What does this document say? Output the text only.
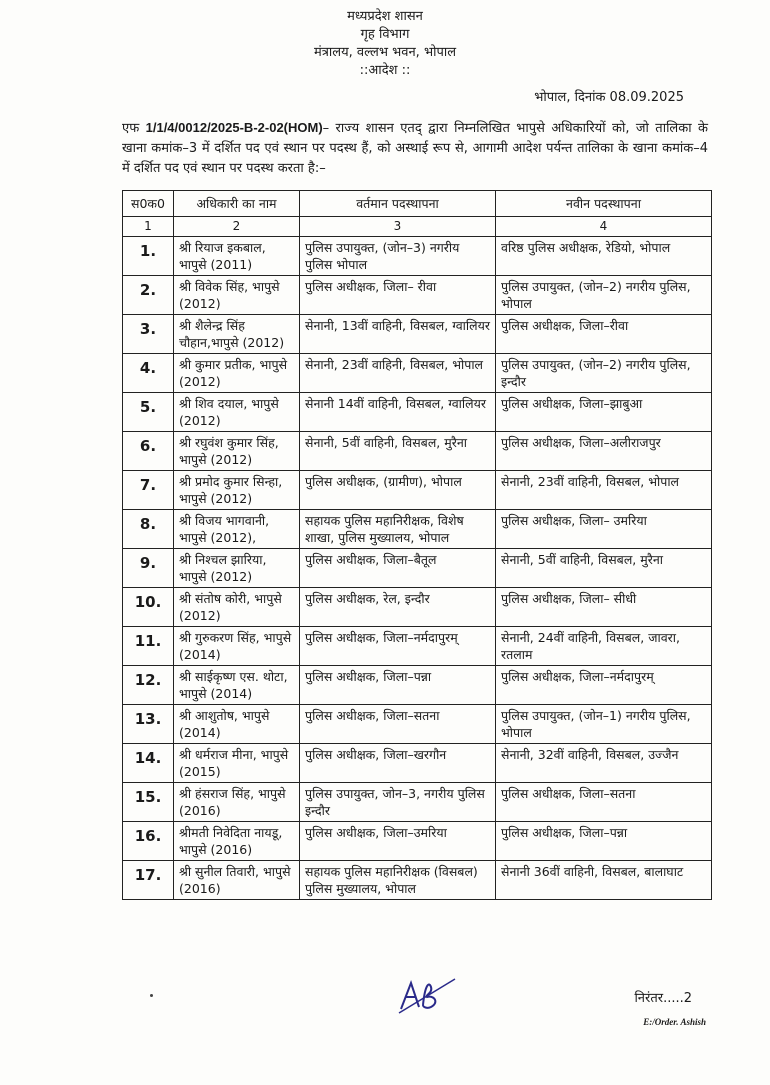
मध्यप्रदेश शासन
गृह विभाग
मंत्रालय, वल्लभ भवन, भोपाल
::आदेश ::
भोपाल, दिनांक 08.09.2025
एफ 1/1/4/0012/2025-B-2-02(HOM)– राज्य शासन एतद् द्वारा निम्नलिखित भापुसे अधिकारियों को, जो तालिका के खाना कमांक–3 में दर्शित पद एवं स्थान पर पदस्थ हैं, को अस्थाई रूप से, आगामी आदेश पर्यन्त तालिका के खाना कमांक–4 में दर्शित पद एवं स्थान पर पदस्थ करता है:–
स0क0	अधिकारी का नाम	वर्तमान पदस्थापना	नवीन पदस्थापना
1	2	3	4
1.	श्री रियाज इकबाल, भापुसे (2011)	पुलिस उपायुक्त, (जोन–3) नगरीय पुलिस भोपाल	वरिष्ठ पुलिस अधीक्षक, रेडियो, भोपाल
2.	श्री विवेक सिंह, भापुसे (2012)	पुलिस अधीक्षक, जिला– रीवा	पुलिस उपायुक्त, (जोन–2) नगरीय पुलिस, भोपाल
3.	श्री शैलेन्द्र सिंह चौहान,भापुसे (2012)	सेनानी, 13वीं वाहिनी, विसबल, ग्वालियर	पुलिस अधीक्षक, जिला–रीवा
4.	श्री कुमार प्रतीक, भापुसे (2012)	सेनानी, 23वीं वाहिनी, विसबल, भोपाल	पुलिस उपायुक्त, (जोन–2) नगरीय पुलिस, इन्दौर
5.	श्री शिव दयाल, भापुसे (2012)	सेनानी 14वीं वाहिनी, विसबल, ग्वालियर	पुलिस अधीक्षक, जिला–झाबुआ
6.	श्री रघुवंश कुमार सिंह, भापुसे (2012)	सेनानी, 5वीं वाहिनी, विसबल, मुरैना	पुलिस अधीक्षक, जिला–अलीराजपुर
7.	श्री प्रमोद कुमार सिन्हा, भापुसे (2012)	पुलिस अधीक्षक, (ग्रामीण), भोपाल	सेनानी, 23वीं वाहिनी, विसबल, भोपाल
8.	श्री विजय भागवानी, भापुसे (2012),	सहायक पुलिस महानिरीक्षक, विशेष शाखा, पुलिस मुख्यालय, भोपाल	पुलिस अधीक्षक, जिला– उमरिया
9.	श्री निश्चल झारिया, भापुसे (2012)	पुलिस अधीक्षक, जिला–बैतूल	सेनानी, 5वीं वाहिनी, विसबल, मुरैना
10.	श्री संतोष कोरी, भापुसे (2012)	पुलिस अधीक्षक, रेल, इन्दौर	पुलिस अधीक्षक, जिला– सीधी
11.	श्री गुरुकरण सिंह, भापुसे (2014)	पुलिस अधीक्षक, जिला–नर्मदापुरम्	सेनानी, 24वीं वाहिनी, विसबल, जावरा, रतलाम
12.	श्री साईकृष्ण एस. थोटा, भापुसे (2014)	पुलिस अधीक्षक, जिला–पन्ना	पुलिस अधीक्षक, जिला–नर्मदापुरम्
13.	श्री आशुतोष, भापुसे (2014)	पुलिस अधीक्षक, जिला–सतना	पुलिस उपायुक्त, (जोन–1) नगरीय पुलिस, भोपाल
14.	श्री धर्मराज मीना, भापुसे (2015)	पुलिस अधीक्षक, जिला–खरगौन	सेनानी, 32वीं वाहिनी, विसबल, उज्जैन
15.	श्री हंसराज सिंह, भापुसे (2016)	पुलिस उपायुक्त, जोन–3, नगरीय पुलिस इन्दौर	पुलिस अधीक्षक, जिला–सतना
16.	श्रीमती निवेदिता नायडू, भापुसे (2016)	पुलिस अधीक्षक, जिला–उमरिया	पुलिस अधीक्षक, जिला–पन्ना
17.	श्री सुनील तिवारी, भापुसे (2016)	सहायक पुलिस महानिरीक्षक (विसबल) पुलिस मुख्यालय, भोपाल	सेनानी 36वीं वाहिनी, विसबल, बालाघाट
निरंतर.....2
E:/Order. Ashish
